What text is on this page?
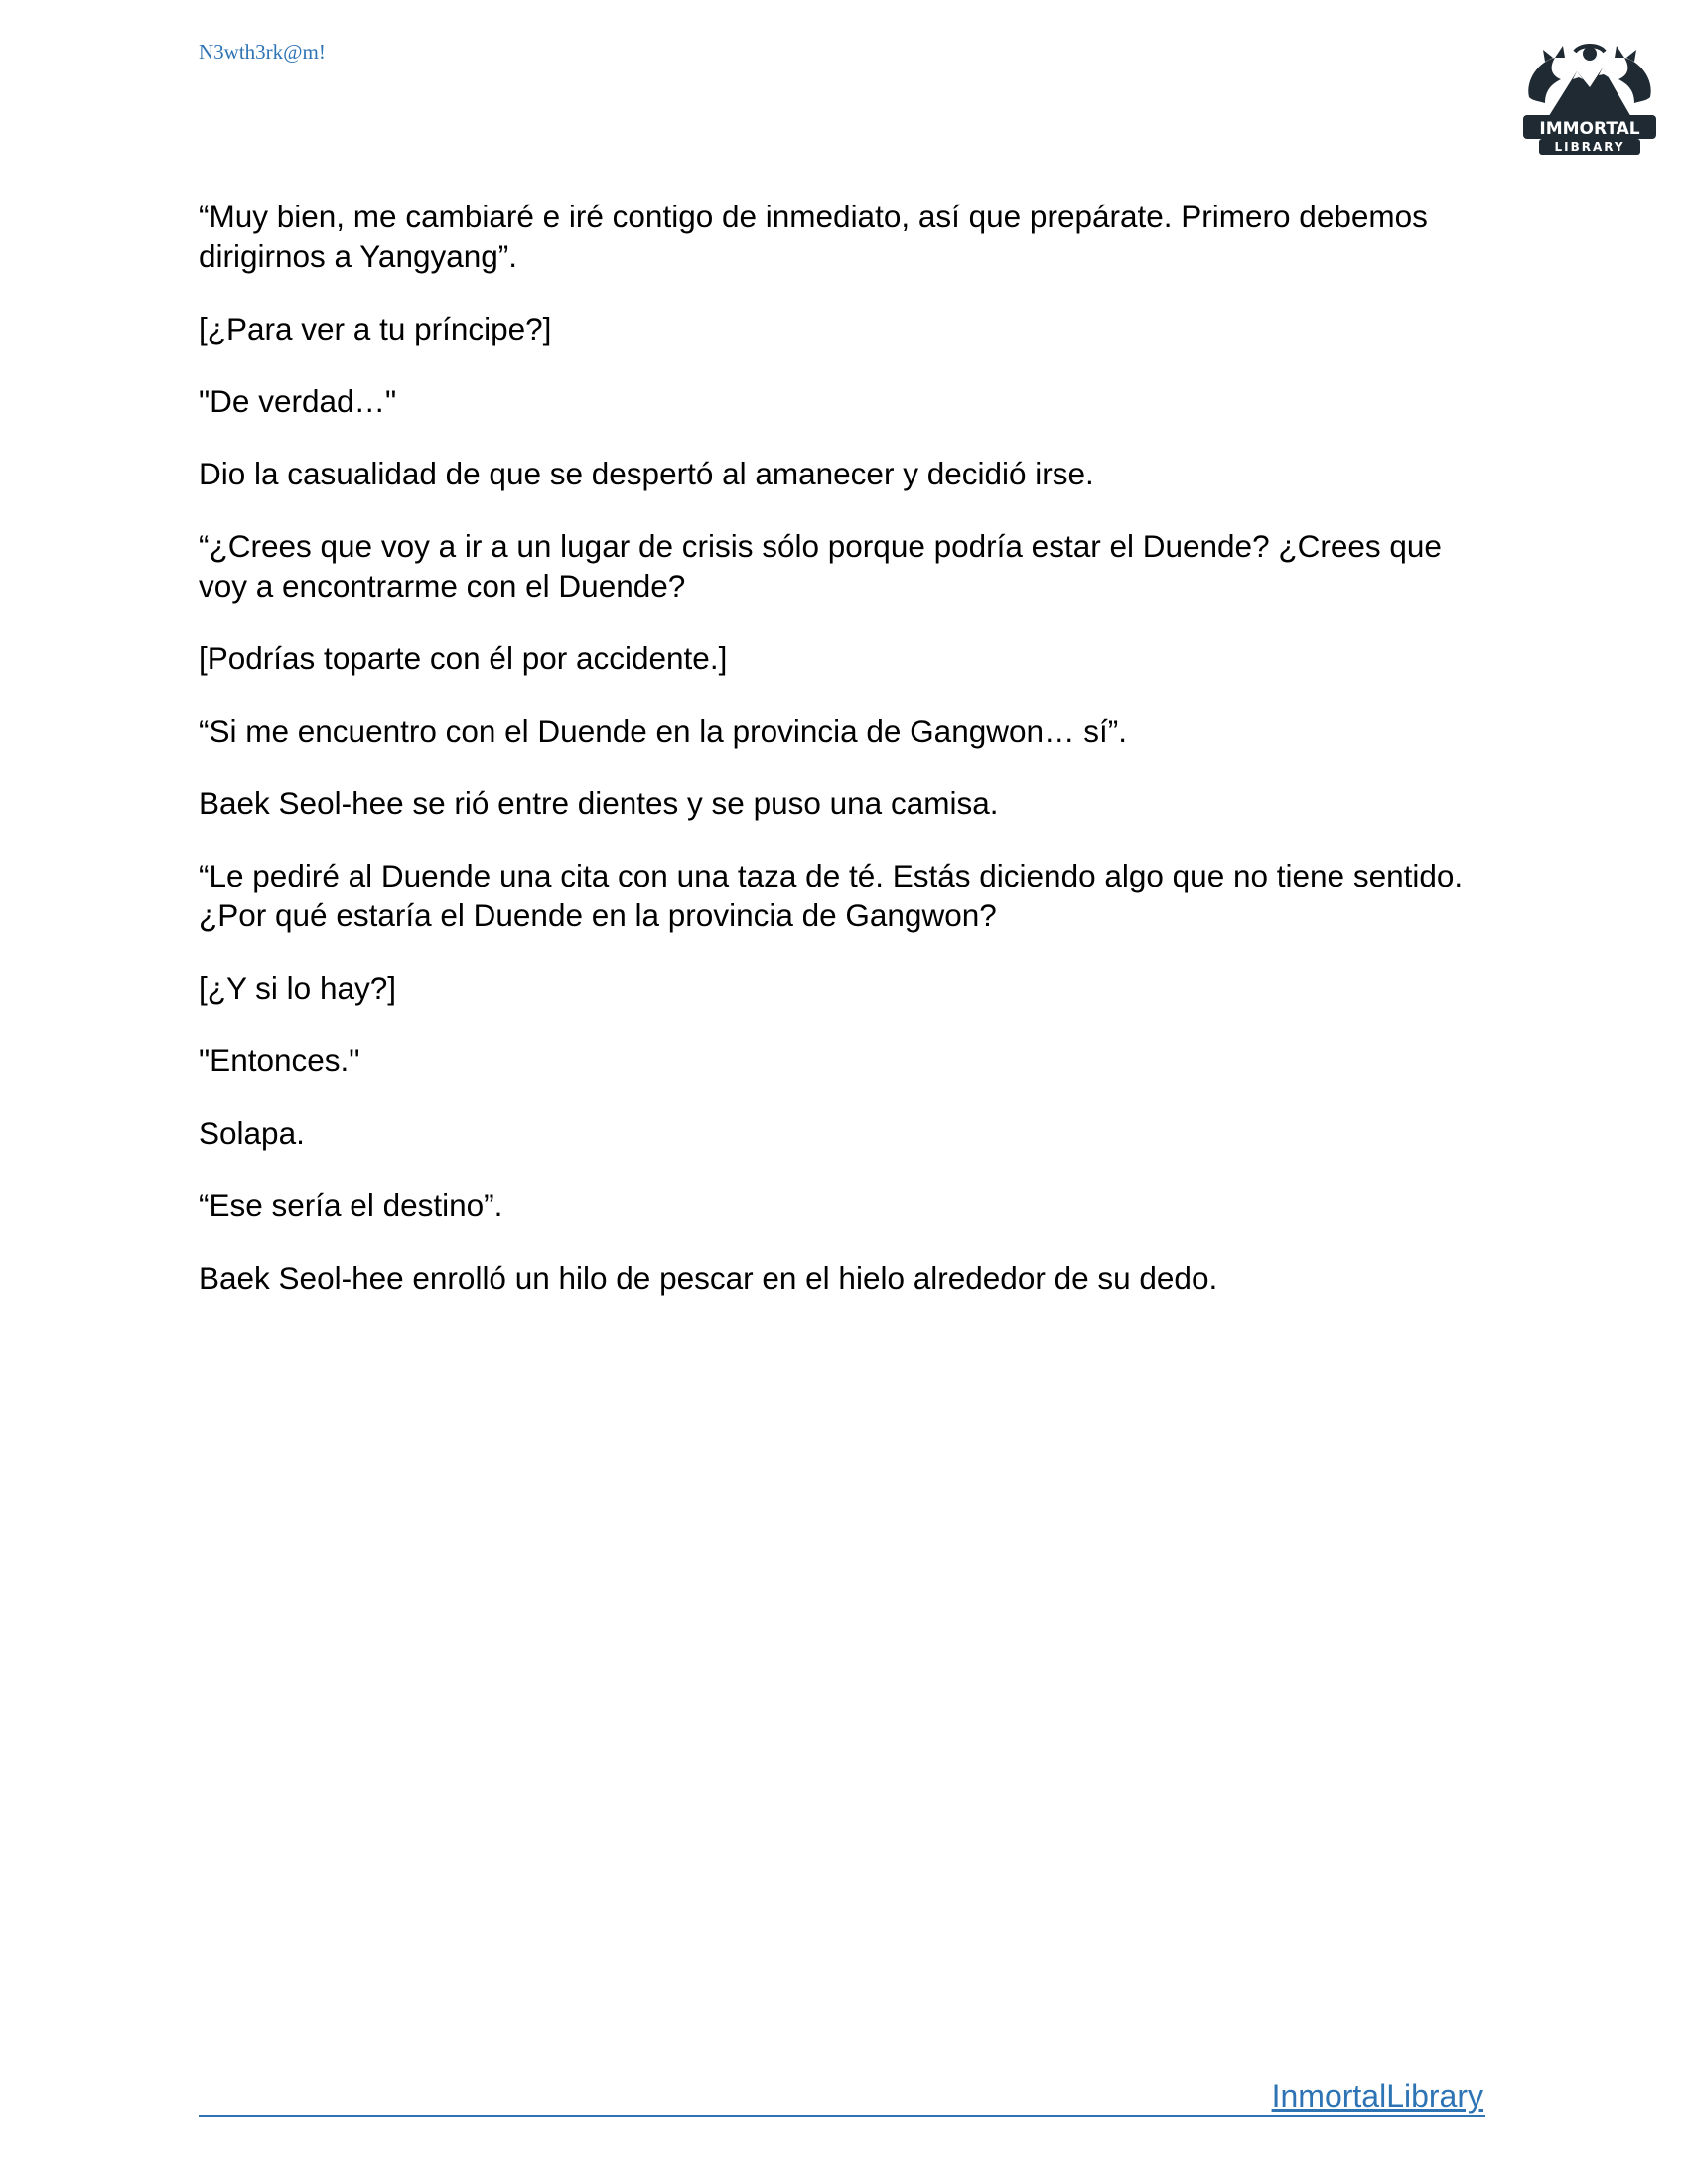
N3wth3rk@m!
IMMORTAL
LIBRARY

“Muy bien, me cambiaré e iré contigo de inmediato, así que prepárate. Primero debemos dirigirnos a Yangyang”.

[¿Para ver a tu príncipe?]

"De verdad…"

Dio la casualidad de que se despertó al amanecer y decidió irse.

“¿Crees que voy a ir a un lugar de crisis sólo porque podría estar el Duende? ¿Crees que voy a encontrarme con el Duende?

[Podrías toparte con él por accidente.]

“Si me encuentro con el Duende en la provincia de Gangwon… sí”.

Baek Seol-hee se rió entre dientes y se puso una camisa.

“Le pediré al Duende una cita con una taza de té. Estás diciendo algo que no tiene sentido. ¿Por qué estaría el Duende en la provincia de Gangwon?

[¿Y si lo hay?]

"Entonces."

Solapa.

“Ese sería el destino”.

Baek Seol-hee enrolló un hilo de pescar en el hielo alrededor de su dedo.

InmortalLibrary
